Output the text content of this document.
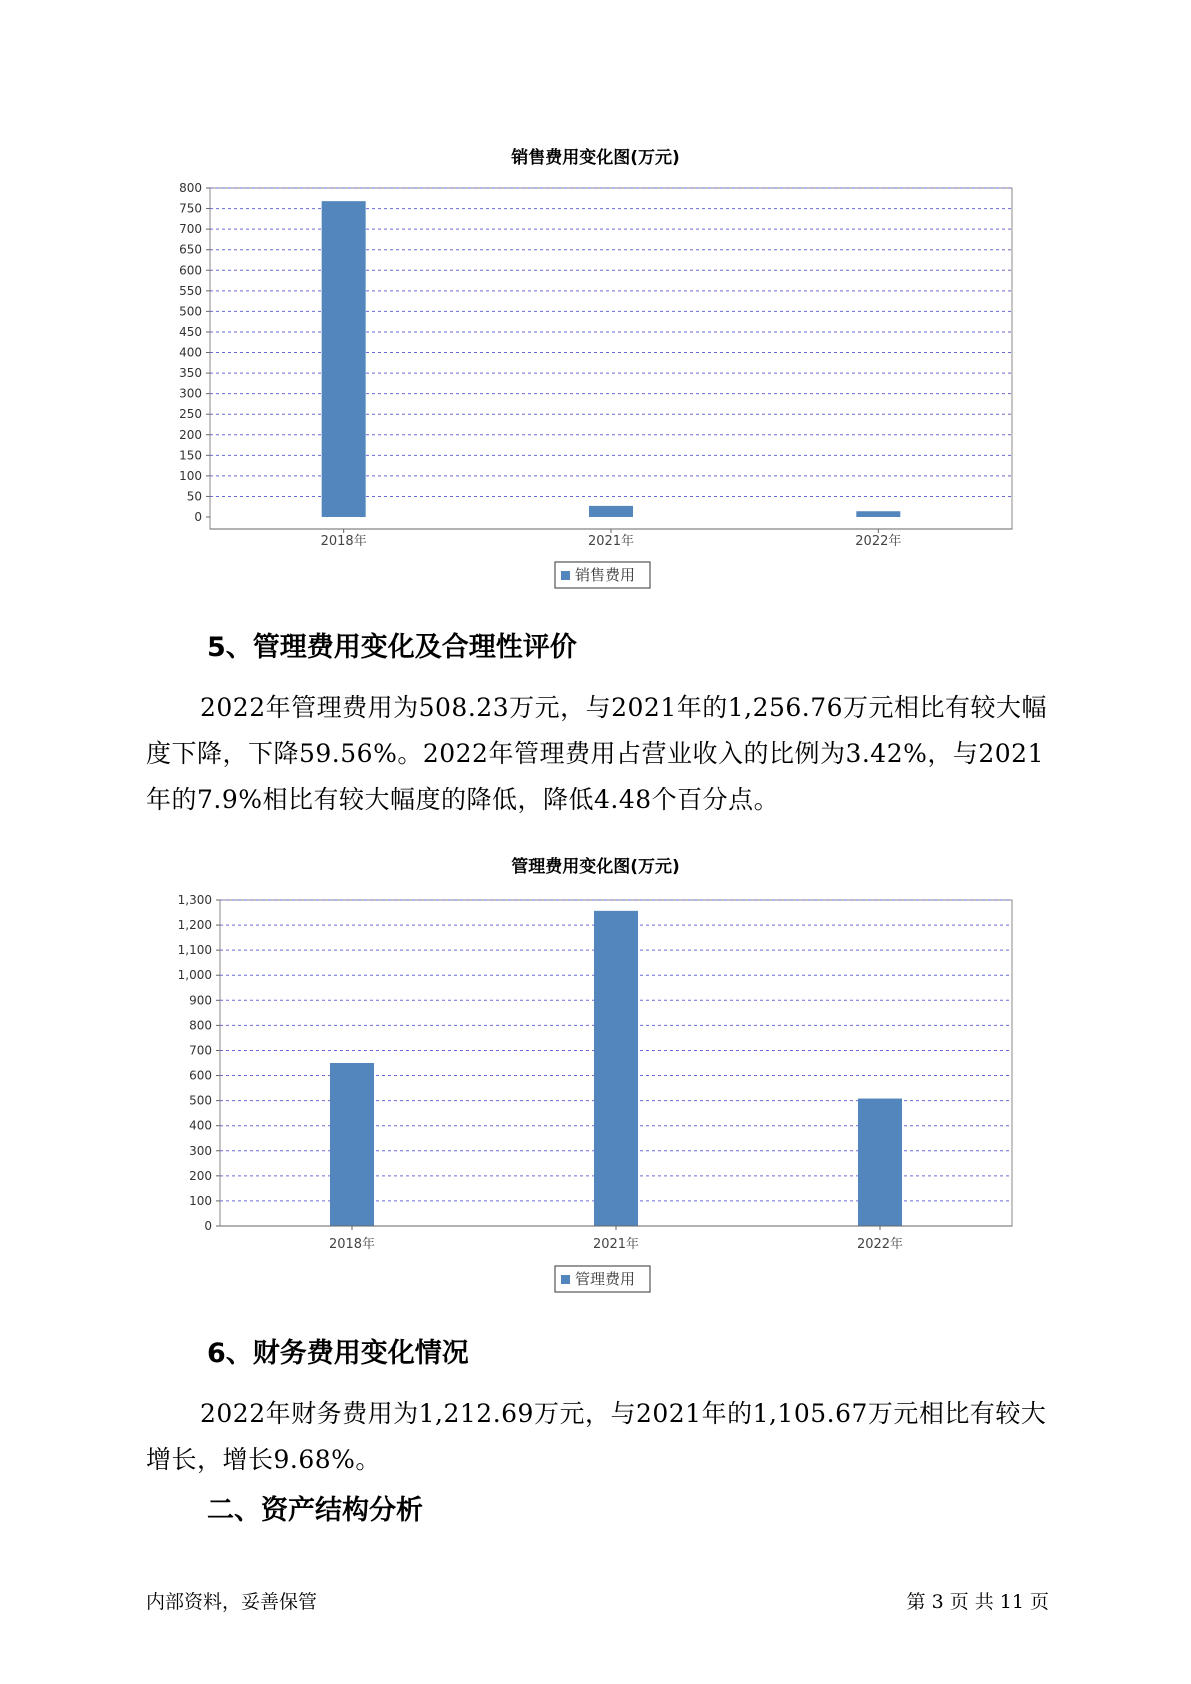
销售费用变化图(万元)
0
50
100
150
200
250
300
350
400
450
500
550
600
650
700
750
800
2018年	2021年	2022年
销售费用
5、管理费用变化及合理性评价

2022年管理费用为508.23万元，与2021年的1,256.76万元相比有较大幅度下降，下降59.56%。2022年管理费用占营业收入的比例为3.42%，与2021年的7.9%相比有较大幅度的降低，降低4.48个百分点。

管理费用变化图(万元)
0
100
200
300
400
500
600
700
800
900
1,000
1,100
1,200
1,300
2018年	2021年	2022年
管理费用
6、财务费用变化情况

2022年财务费用为1,212.69万元，与2021年的1,105.67万元相比有较大增长，增长9.68%。

二、资产结构分析
内部资料，妥善保管	第 3 页 共 11 页
